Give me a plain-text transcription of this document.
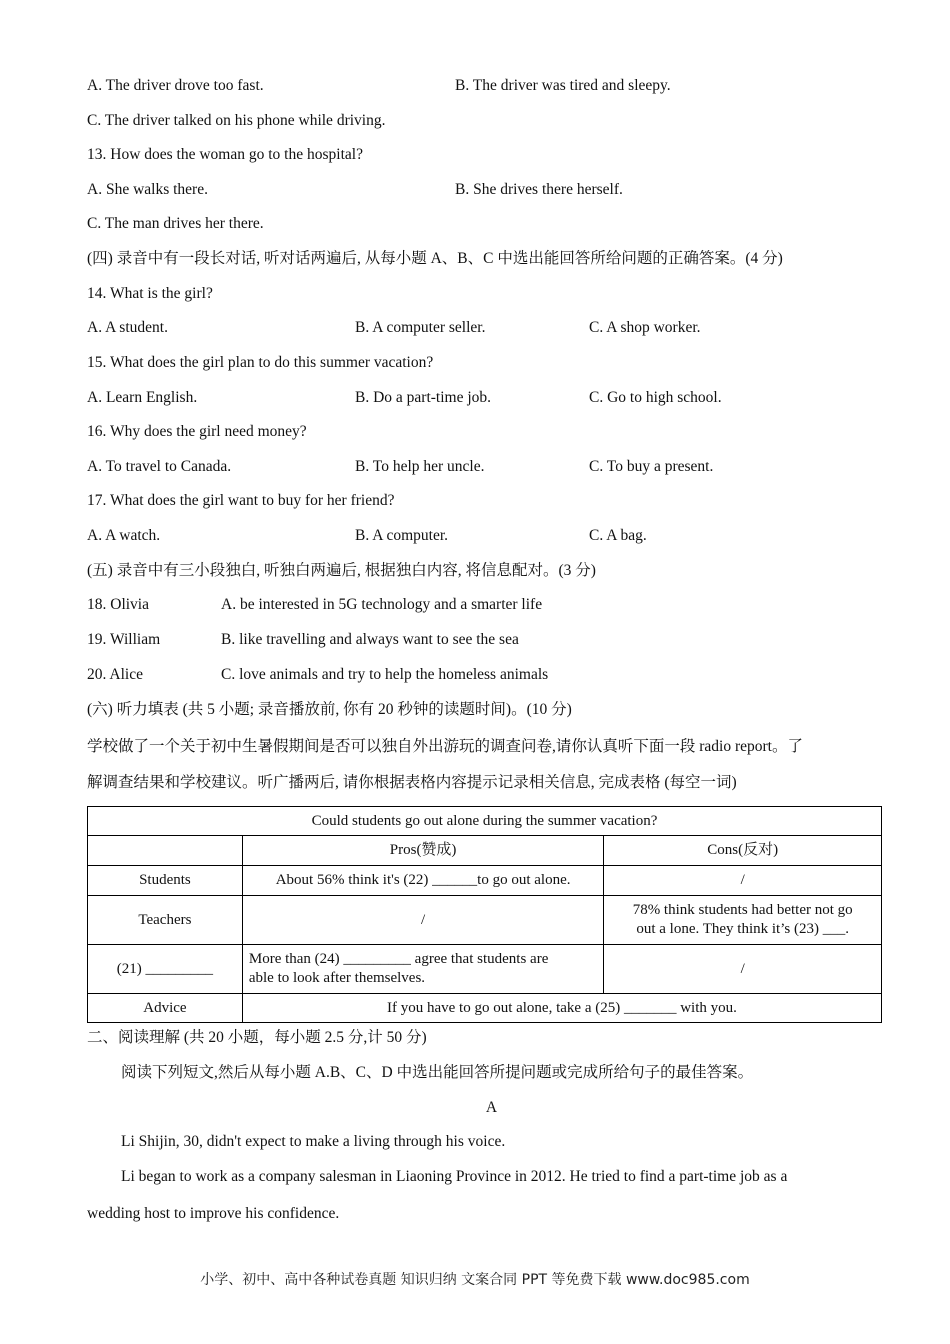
A. The driver drove too fast.	B. The driver was tired and sleepy.
C. The driver talked on his phone while driving.
13. How does the woman go to the hospital?
A. She walks there.	B. She drives there herself.
C. The man drives her there.
(四) 录音中有一段长对话, 听对话两遍后, 从每小题 A、B、C 中选出能回答所给问题的正确答案。(4 分)
14. What is the girl?
A. A student.	B. A computer seller.	C. A shop worker.
15. What does the girl plan to do this summer vacation?
A. Learn English.	B. Do a part-time job.	C. Go to high school.
16. Why does the girl need money?
A. To travel to Canada.	B. To help her uncle.	C. To buy a present.
17. What does the girl want to buy for her friend?
A. A watch.	B. A computer.	C. A bag.
(五) 录音中有三小段独白, 听独白两遍后, 根据独白内容, 将信息配对。(3 分)
18. Olivia	A. be interested in 5G technology and a smarter life
19. William	B. like travelling and always want to see the sea
20. Alice	C. love animals and try to help the homeless animals
(六) 听力填表 (共 5 小题; 录音播放前, 你有 20 秒钟的读题时间)。(10 分)
学校做了一个关于初中生暑假期间是否可以独自外出游玩的调查问卷,请你认真听下面一段 radio report。了
解调查结果和学校建议。听广播两后, 请你根据表格内容提示记录相关信息, 完成表格 (每空一词)
Could students go out alone during the summer vacation?		
	Pros(赞成)	Cons(反对)
Students	About 56% think it's (22) ______to go out alone.	/
Teachers	/	78% think students had better not go
out a lone. They think it’s (23) ___.

(21) _________	More than (24) _________ agree that students are
able to look after themselves.	/
Advice	If you have to go out alone, take a (25) _______ with you.	
二、阅读理解 (共 20 小题，每小题 2.5 分,计 50 分)
阅读下列短文,然后从每小题 A.B、C、D 中选出能回答所提问题或完成所给句子的最佳答案。
A
Li Shijin, 30, didn't expect to make a living through his voice.
Li began to work as a company salesman in Liaoning Province in 2012. He tried to find a part-time job as a
wedding host to improve his confidence.
小学、初中、高中各种试卷真题 知识归纳 文案合同 PPT 等免费下载 www.doc985.com
